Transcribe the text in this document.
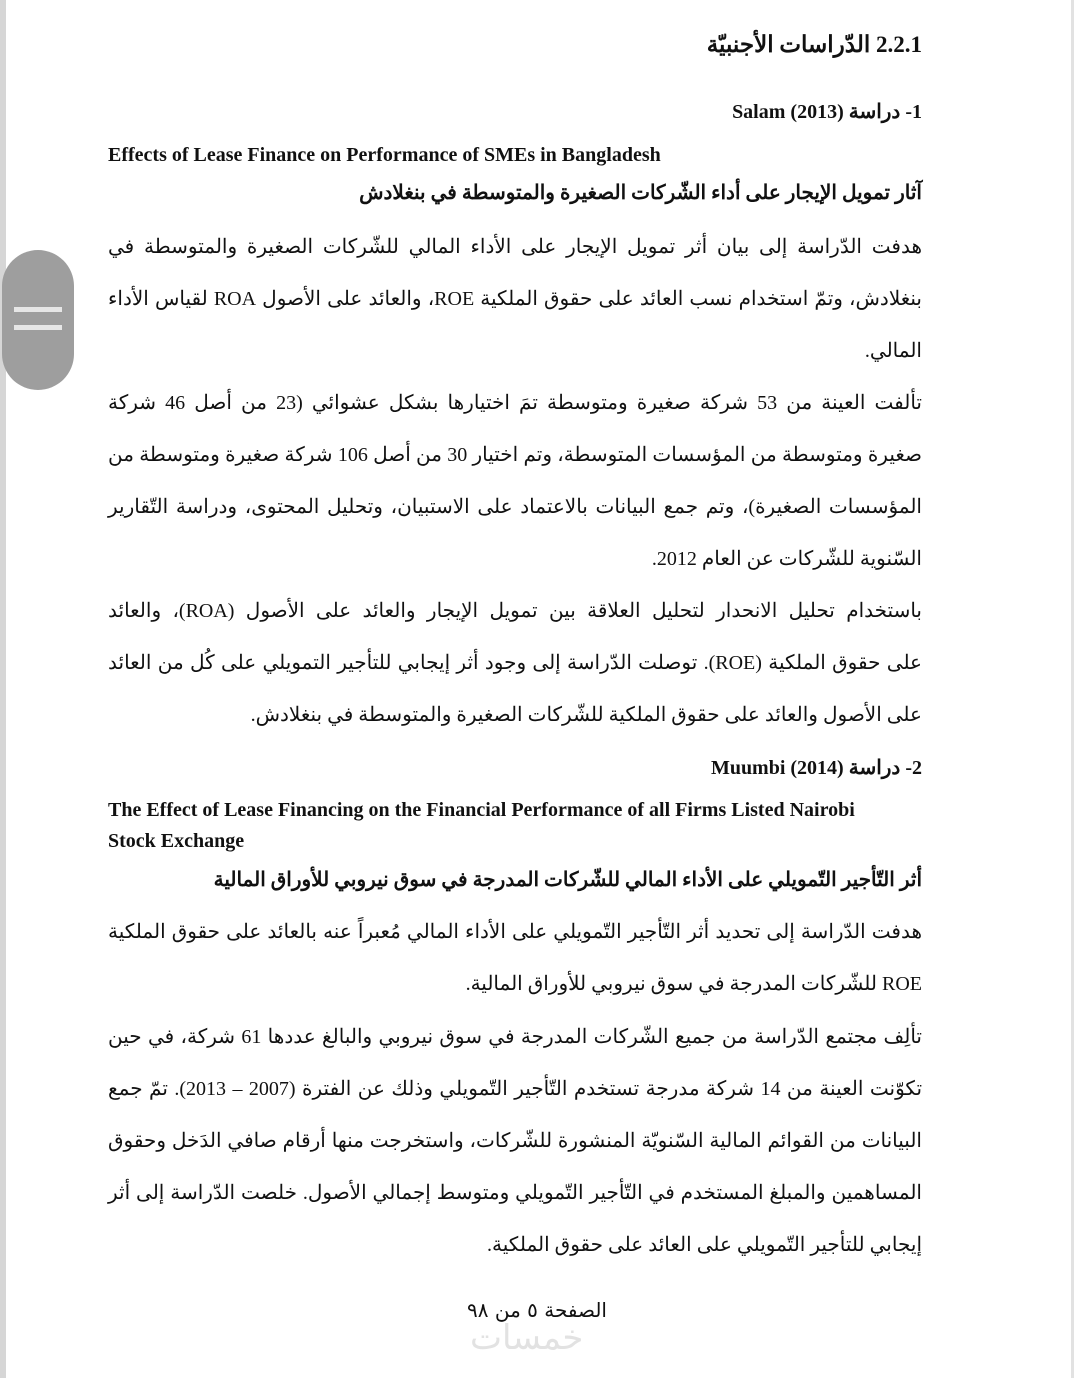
2.2.1 الدّراسات الأجنبيّة
1- دراسة Salam (2013)
Effects of Lease Finance on Performance of SMEs in Bangladesh
آثار تمويل الإيجار على أداء الشّركات الصغيرة والمتوسطة في بنغلادش
هدفت الدّراسة إلى بيان أثر تمويل الإيجار على الأداء المالي للشّركات الصغيرة والمتوسطة في
بنغلادش، وتمّ استخدام نسب العائد على حقوق الملكية ROE، والعائد على الأصول ROA لقياس الأداء
المالي.
تألفت العينة من 53 شركة صغيرة ومتوسطة تمَ اختيارها بشكل عشوائي (23 من أصل 46 شركة
صغيرة ومتوسطة من المؤسسات المتوسطة، وتم اختيار 30 من أصل 106 شركة صغيرة ومتوسطة من
المؤسسات الصغيرة)، وتم جمع البيانات بالاعتماد على الاستبيان، وتحليل المحتوى، ودراسة التّقارير
السّنوية للشّركات عن العام 2012.
باستخدام تحليل الانحدار لتحليل العلاقة بين تمويل الإيجار والعائد على الأصول (ROA)، والعائد
على حقوق الملكية (ROE). توصلت الدّراسة إلى وجود أثر إيجابي للتأجير التمويلي على كُل من العائد
على الأصول والعائد على حقوق الملكية للشّركات الصغيرة والمتوسطة في بنغلادش.
2- دراسة Muumbi (2014)
The Effect of Lease Financing on the Financial Performance of all Firms Listed Nairobi
Stock Exchange
أثر التّأجير التّمويلي على الأداء المالي للشّركات المدرجة في سوق نيروبي للأوراق المالية
هدفت الدّراسة إلى تحديد أثر التّأجير التّمويلي على الأداء المالي مُعبراً عنه بالعائد على حقوق الملكية
ROE للشّركات المدرجة في سوق نيروبي للأوراق المالية.
تألِف مجتمع الدّراسة من جميع الشّركات المدرجة في سوق نيروبي والبالغ عددها 61 شركة، في حين
تكوّنت العينة من 14 شركة مدرجة تستخدم التّأجير التّمويلي وذلك عن الفترة (2007 – 2013). تمّ جمع
البيانات من القوائم المالية السّنويّة المنشورة للشّركات، واستخرجت منها أرقام صافي الدَخل وحقوق
المساهمين والمبلغ المستخدم في التّأجير التّمويلي ومتوسط إجمالي الأصول. خلصت الدّراسة إلى أثر
إيجابي للتأجير التّمويلي على العائد على حقوق الملكية.
الصفحة ٥ من ٩٨
خمسات
